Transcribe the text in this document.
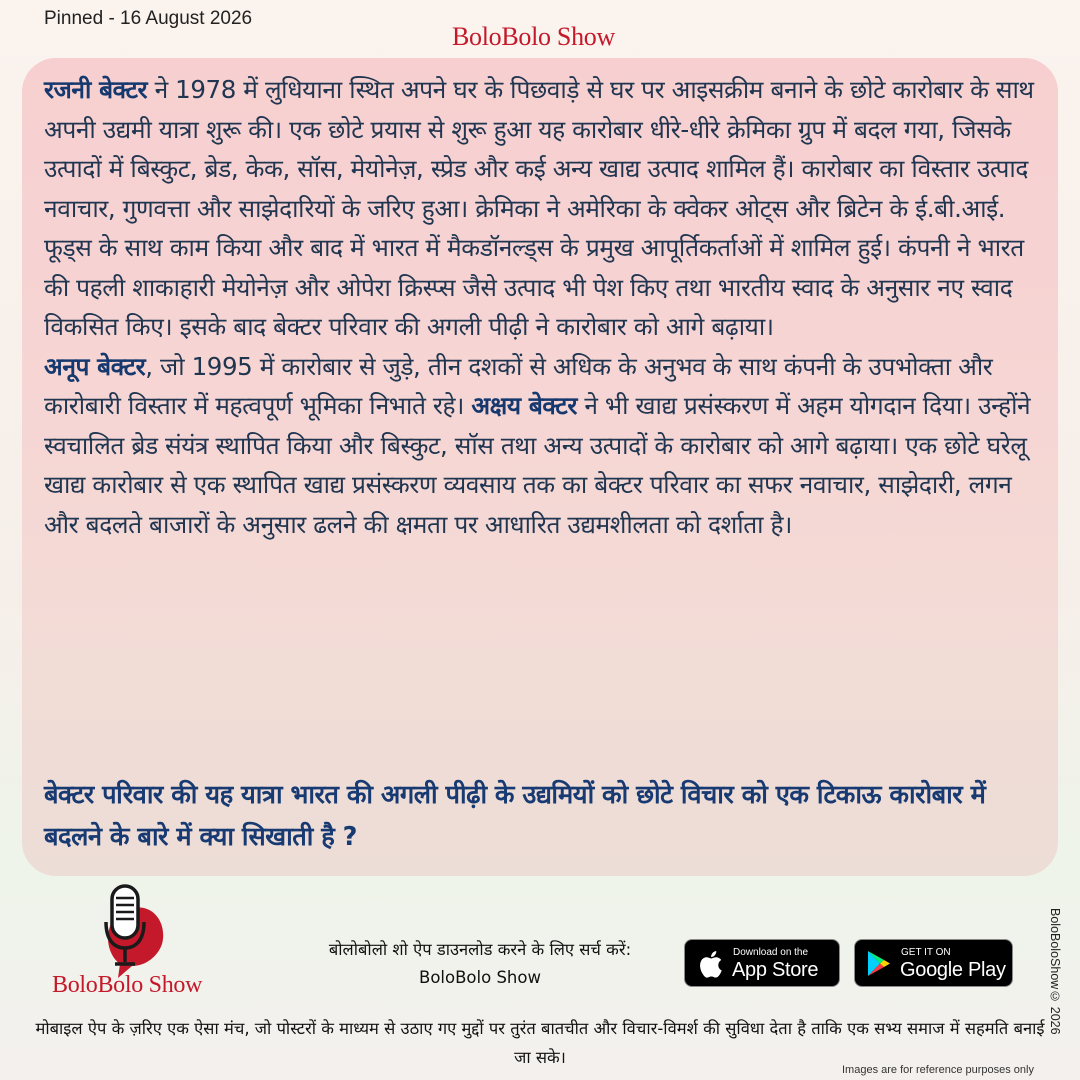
Pinned - 16 August 2026
BoloBolo Show

रजनी बेक्टर ने 1978 में लुधियाना स्थित अपने घर के पिछवाड़े से घर पर आइसक्रीम बनाने के छोटे कारोबार के साथ अपनी उद्यमी यात्रा शुरू की। एक छोटे प्रयास से शुरू हुआ यह कारोबार धीरे-धीरे क्रेमिका ग्रुप में बदल गया, जिसके उत्पादों में बिस्कुट, ब्रेड, केक, सॉस, मेयोनेज़, स्प्रेड और कई अन्य खाद्य उत्पाद शामिल हैं। कारोबार का विस्तार उत्पाद नवाचार, गुणवत्ता और साझेदारियों के जरिए हुआ। क्रेमिका ने अमेरिका के क्वेकर ओट्स और ब्रिटेन के ई.बी.आई. फूड्स के साथ काम किया और बाद में भारत में मैकडॉनल्ड्स के प्रमुख आपूर्तिकर्ताओं में शामिल हुई। कंपनी ने भारत की पहली शाकाहारी मेयोनेज़ और ओपेरा क्रिस्प्स जैसे उत्पाद भी पेश किए तथा भारतीय स्वाद के अनुसार नए स्वाद विकसित किए। इसके बाद बेक्टर परिवार की अगली पीढ़ी ने कारोबार को आगे बढ़ाया।

अनूप बेक्टर, जो 1995 में कारोबार से जुड़े, तीन दशकों से अधिक के अनुभव के साथ कंपनी के उपभोक्ता और कारोबारी विस्तार में महत्वपूर्ण भूमिका निभाते रहे। अक्षय बेक्टर ने भी खाद्य प्रसंस्करण में अहम योगदान दिया। उन्होंने स्वचालित ब्रेड संयंत्र स्थापित किया और बिस्कुट, सॉस तथा अन्य उत्पादों के कारोबार को आगे बढ़ाया। एक छोटे घरेलू खाद्य कारोबार से एक स्थापित खाद्य प्रसंस्करण व्यवसाय तक का बेक्टर परिवार का सफर नवाचार, साझेदारी, लगन और बदलते बाजारों के अनुसार ढलने की क्षमता पर आधारित उद्यमशीलता को दर्शाता है।

बेक्टर परिवार की यह यात्रा भारत की अगली पीढ़ी के उद्यमियों को छोटे विचार को एक टिकाऊ कारोबार में बदलने के बारे में क्या सिखाती है ?
BoloBolo Show
बोलोबोलो शो ऐप डाउनलोड करने के लिए सर्च करें:
BoloBolo Show
Download on the
App Store
GET IT ON
Google Play
मोबाइल ऐप के ज़रिए एक ऐसा मंच, जो पोस्टरों के माध्यम से उठाए गए मुद्दों पर तुरंत बातचीत और विचार-विमर्श की सुविधा देता है ताकि एक सभ्य समाज में सहमति बनाई जा सके।
Images are for reference purposes only
BoloBoloShow© 2026
